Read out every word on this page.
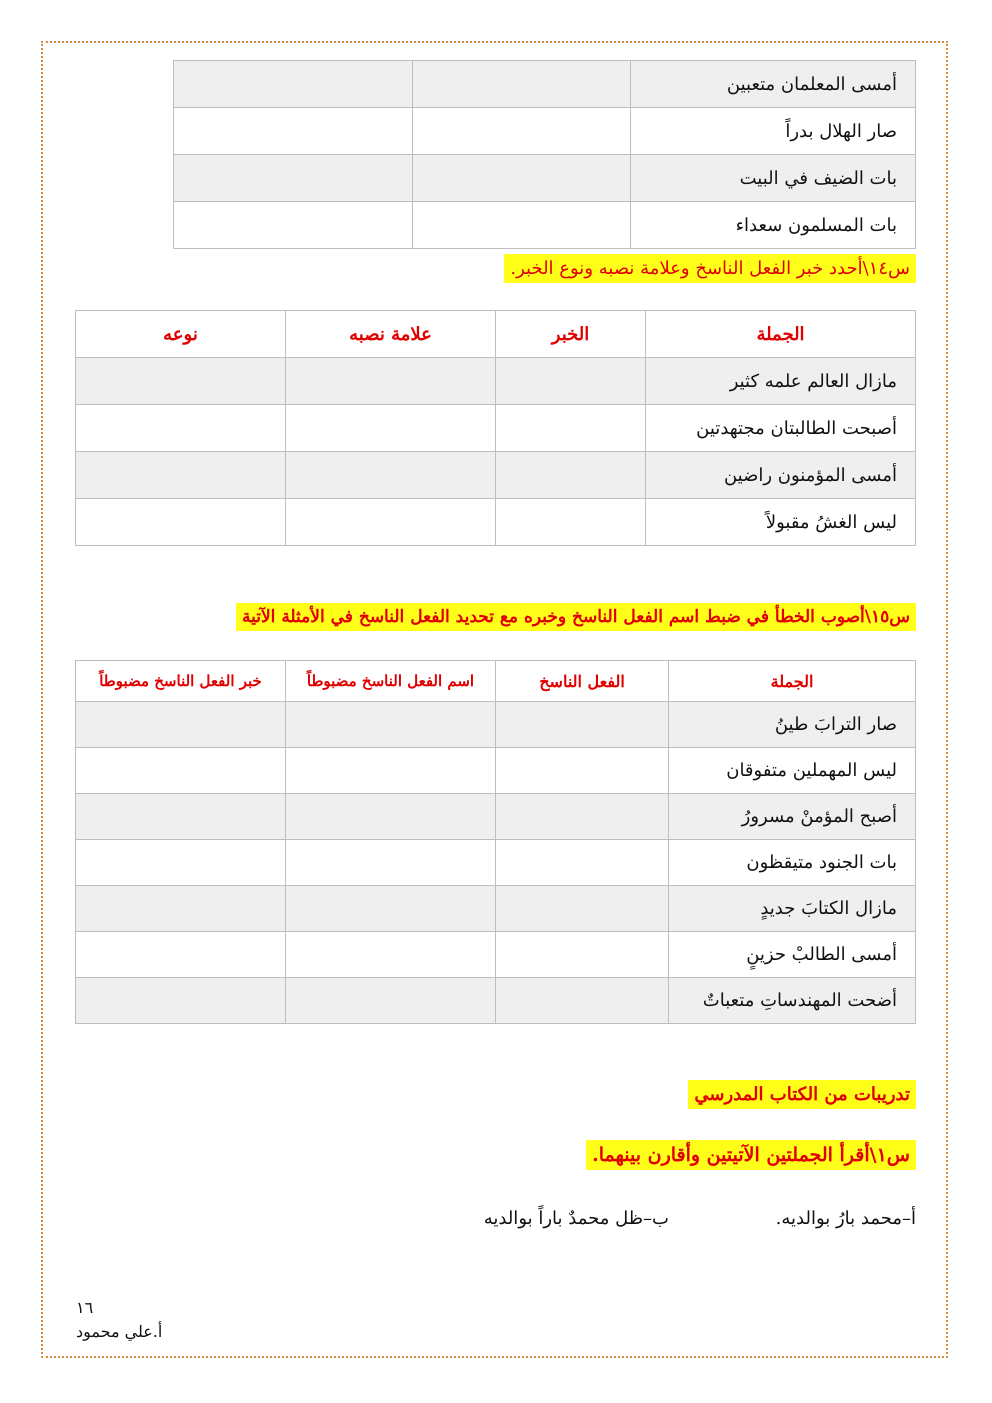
أمسى المعلمان متعبين		
صار الهلال بدراً		
بات الضيف في البيت		
بات المسلمون سعداء		
س١٤\أحدد خبر الفعل الناسخ وعلامة نصبه ونوع الخبر.
الجملة	الخبر	علامة نصبه	نوعه
مازال العالم علمه كثير			
أصبحت الطالبتان مجتهدتين			
أمسى المؤمنون راضين			
ليس الغشُ مقبولاً			
س١٥\أصوب الخطأ في ضبط اسم الفعل الناسخ وخبره مع تحديد الفعل الناسخ في الأمثلة الآتية
الجملة	الفعل الناسخ	اسم الفعل الناسخ مضبوطاً	خبر الفعل الناسخ مضبوطاً
صار الترابَ طينُ			
ليس المهملين متفوقان			
أصبح المؤمنْ مسرورُ			
بات الجنود متيقظون			
مازال الكتابَ جديدٍ			
أمسى الطالبْ حزينٍ			
أضحت المهندساتِ متعباتٌ			
تدريبات من الكتاب المدرسي
س١\أقرأ الجملتين الآتيتين وأقارن بينهما.
أ–محمد بارُ بوالديه.
ب–ظل محمدٌ باراً بوالديه
١٦
أ.علي محمود
